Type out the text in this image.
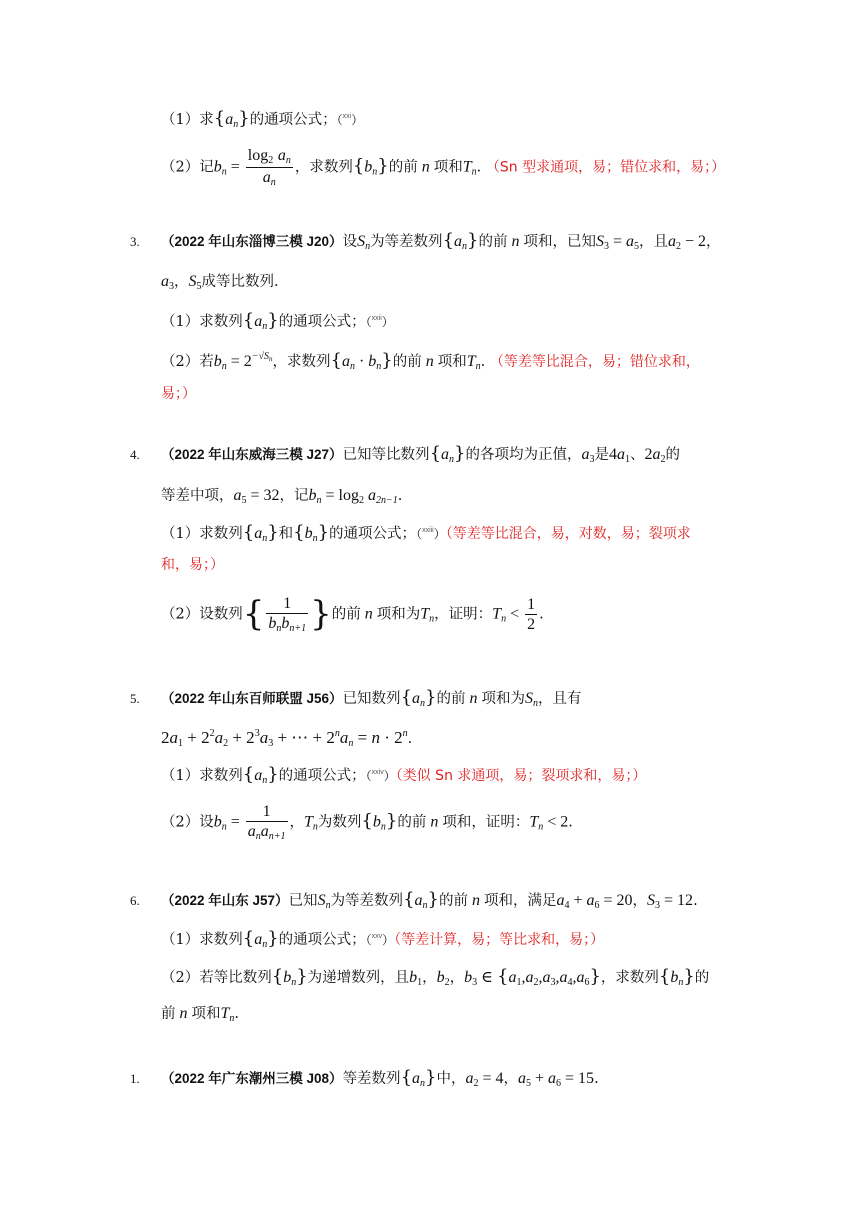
（1）求$\{a_n\}$的通项公式；（$^{xxi}$）
（2）记$b_n = \frac{\log_2 a_n}{a_n}$ ，求数列$\{b_n\}$的前 n 项和$T_n$. （Sn 型求通项，易；错位求和，易；）
3. （2022 年山东淄博三模 J20）设$S_n$为等差数列$\{a_n\}$的前 n 项和，已知$S_3 = a_5$，且$a_2 - 2$，
$a_3$，$S_5$成等比数列.
（1）求数列$\{a_n\}$的通项公式；（$^{xxii}$）
（2）若$b_n = 2^{-√Sn}$，求数列$\{a_n \cdot b_n\}$的前 n 项和$T_n$. （等差等比混合，易；错位求和，
易；）
4. （2022 年山东威海三模 J27）已知等比数列$\{a_n\}$的各项均为正值，$a_3$是$4a_1$、$2a_2$的
等差中项，$a_5 = 32$，记$b_n = \log_2 a_{2n-1}$.
（1）求数列$\{a_n\}$和$\{b_n\}$的通项公式；（$^{xxiii}$）（等差等比混合，易，对数，易；裂项求
和，易；）
（2）设数列{ $\frac{1}{b_nb_{n+1}}$ }的前 n 项和为$T_n$，证明：$T_n < \frac{1}{2}$ .
5. （2022 年山东百师联盟 J56）已知数列$\{a_n\}$的前 n 项和为$S_n$，且有
$2a_1 + 2^2a_2 + 2^3a_3$ + ⋯ + $2^na_n = n \cdot 2^n$.
（1）求数列$\{a_n\}$的通项公式；（$^{xxiv}$）（类似 Sn 求通项，易；裂项求和，易；）
（2）设$b_n = \frac{1}{a_na_{n+1}}$ ，$T_n$为数列$\{b_n\}$的前 n 项和，证明：$T_n < 2$.
6. （2022 年山东 J57）已知$S_n$为等差数列$\{a_n\}$的前 n 项和，满足$a_4 + a_6 = 20$，$S_3 = 12$.
（1）求数列$\{a_n\}$的通项公式；（$^{xxv}$）（等差计算，易；等比求和，易；）
（2）若等比数列$\{b_n\}$为递增数列，且$b_1$，$b_2$，$b_3$ ∈ $\{a_1,a_2,a_3,a_4,a_6\}$，求数列$\{b_n\}$的
前 n 项和$T_n$.
1. （2022 年广东潮州三模 J08）等差数列$\{a_n\}$中，$a_2 = 4$，$a_5 + a_6 = 15$.
